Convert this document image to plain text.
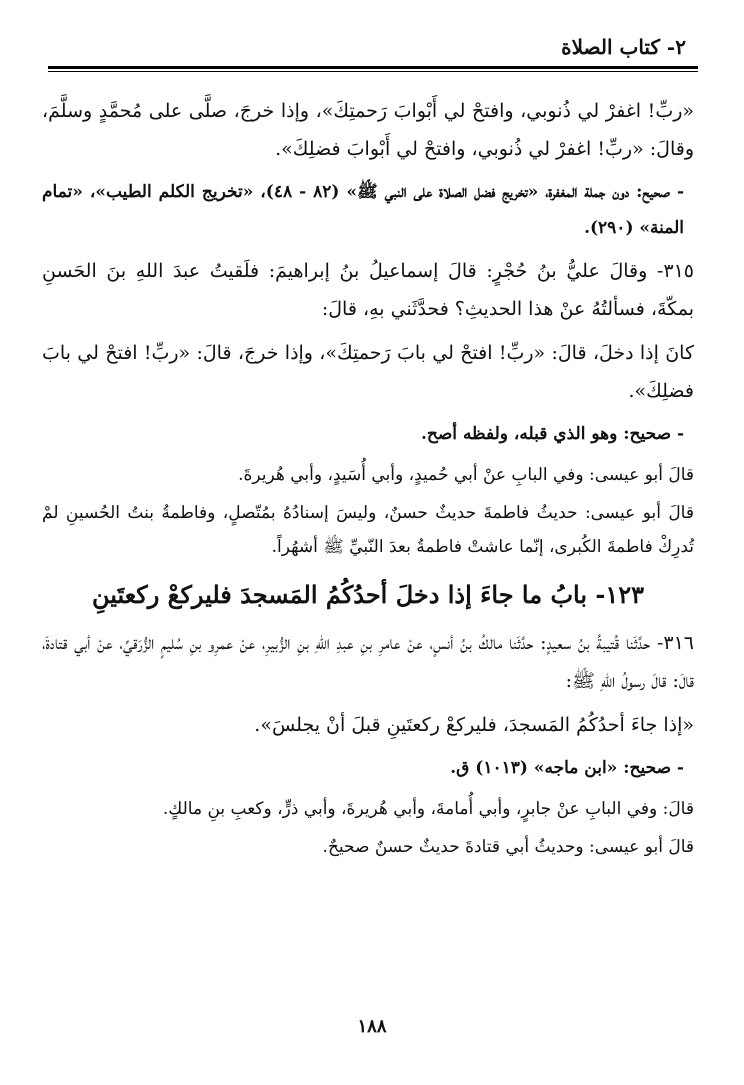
٢- كتاب الصلاة

«ربِّ! اغفرْ لي ذُنوبي، وافتحْ لي أَبْوابَ رَحمتِكَ»، وإذا خرجَ، صلَّى على مُحمَّدٍ وسلَّمَ، وقالَ: «ربِّ! اغفرْ لي ذُنوبي، وافتحْ لي أَبْوابَ فضلِكَ».

- صحيح: دون جملة المغفرة، «تخريج فضل الصلاة على النبي ﷺ» (٨٢ - ٤٨)، «تخريج الكلم الطيب»، «تمام المنة» (٢٩٠).

٣١٥- وقالَ عليُّ بنُ حُجْرٍ: قالَ إسماعيلُ بنُ إبراهيمَ: فلَقيتُ عبدَ اللهِ بنَ الحَسنِ بمكّةَ، فسألتُهُ عنْ هذا الحديثِ؟ فحدَّثَني بهِ، قالَ:

كانَ إذا دخلَ، قالَ: «ربِّ! افتحْ لي بابَ رَحمتِكَ»، وإذا خرجَ، قالَ: «ربِّ! افتحْ لي بابَ فضلِكَ».

- صحيح: وهو الذي قبله، ولفظه أصح.

قالَ أبو عيسى: وفي البابِ عنْ أبي حُميدٍ، وأبي أُسَيدٍ، وأبي هُريرةَ.

قالَ أبو عيسى: حديثُ فاطمةَ حديثٌ حسنٌ، وليسَ إسنادُهُ بمُتّصلٍ، وفاطمةُ بنتُ الحُسينِ لمْ تُدرِكْ فاطمةَ الكُبرى، إنّما عاشتْ فاطمةُ بعدَ النّبيِّ ﷺ أشهُراً.

١٢٣- بابُ ما جاءَ إذا دخلَ أحدُكُمُ المَسجدَ فليركعْ ركعتَينِ

٣١٦- حدَّثَنا قُتيبةُ بنُ سعيدٍ: حدَّثَنا مالكُ بنُ أنسٍ، عنْ عامرِ بنِ عبدِ اللهِ بنِ الزُّبيرِ، عنْ عمرِو بنِ سُليمٍ الزُّرَقيِّ، عنْ أبي قتادةَ، قالَ: قالَ رسولُ اللهِ ﷺ:

«إذا جاءَ أحدُكُمُ المَسجدَ، فليركعْ ركعتَينِ قبلَ أنْ يجلسَ».

- صحيح: «ابن ماجه» (١٠١٣) ق.

قالَ: وفي البابِ عنْ جابرٍ، وأبي أُمامةَ، وأبي هُريرةَ، وأبي ذرٍّ، وكعبِ بنِ مالكٍ.

قالَ أبو عيسى: وحديثُ أبي قتادةَ حديثٌ حسنٌ صحيحٌ.

١٨٨
